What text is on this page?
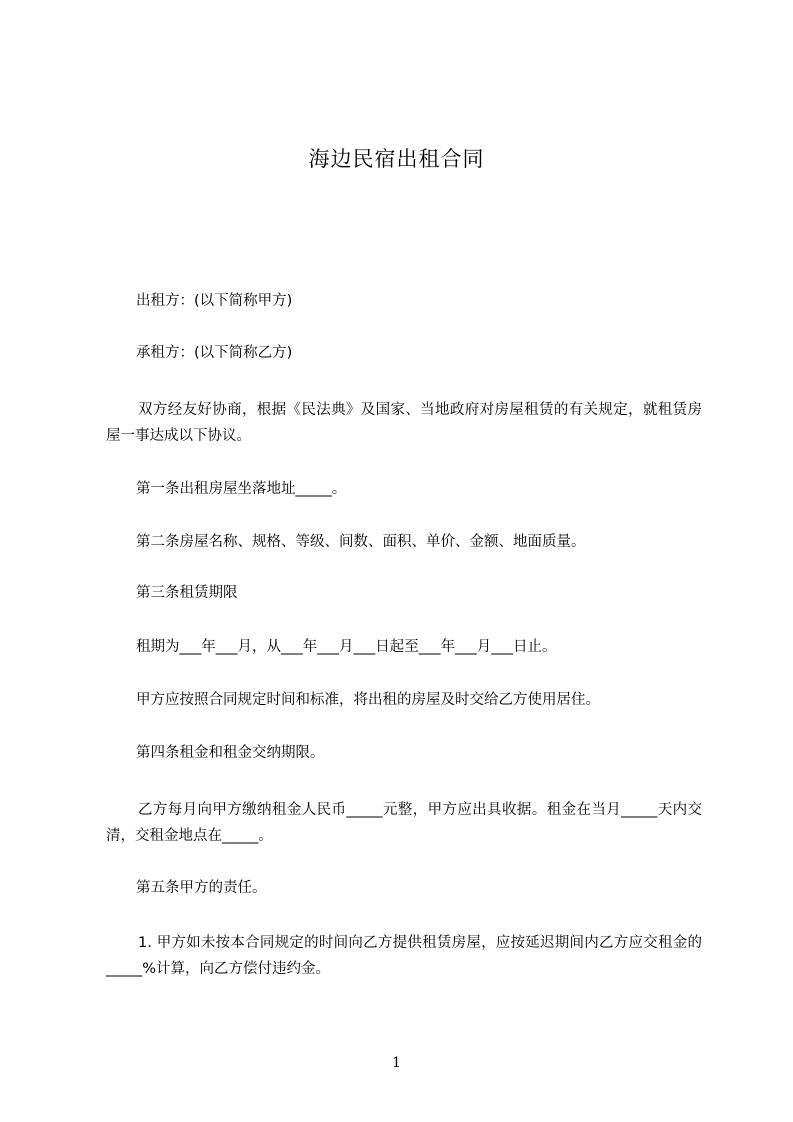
海边民宿出租合同
出租方：(以下简称甲方)
承租方：(以下简称乙方)
双方经友好协商，根据《民法典》及国家、当地政府对房屋租赁的有关规定，就租赁房屋一事达成以下协议。
第一条出租房屋坐落地址_____。
第二条房屋名称、规格、等级、间数、面积、单价、金额、地面质量。
第三条租赁期限
租期为___年___月，从___年___月___日起至___年___月___日止。
甲方应按照合同规定时间和标准，将出租的房屋及时交给乙方使用居住。
第四条租金和租金交纳期限。
乙方每月向甲方缴纳租金人民币_____元整，甲方应出具收据。租金在当月_____天内交清，交租金地点在_____。
第五条甲方的责任。
1. 甲方如未按本合同规定的时间向乙方提供租赁房屋，应按延迟期间内乙方应交租金的_____%计算，向乙方偿付违约金。
1
